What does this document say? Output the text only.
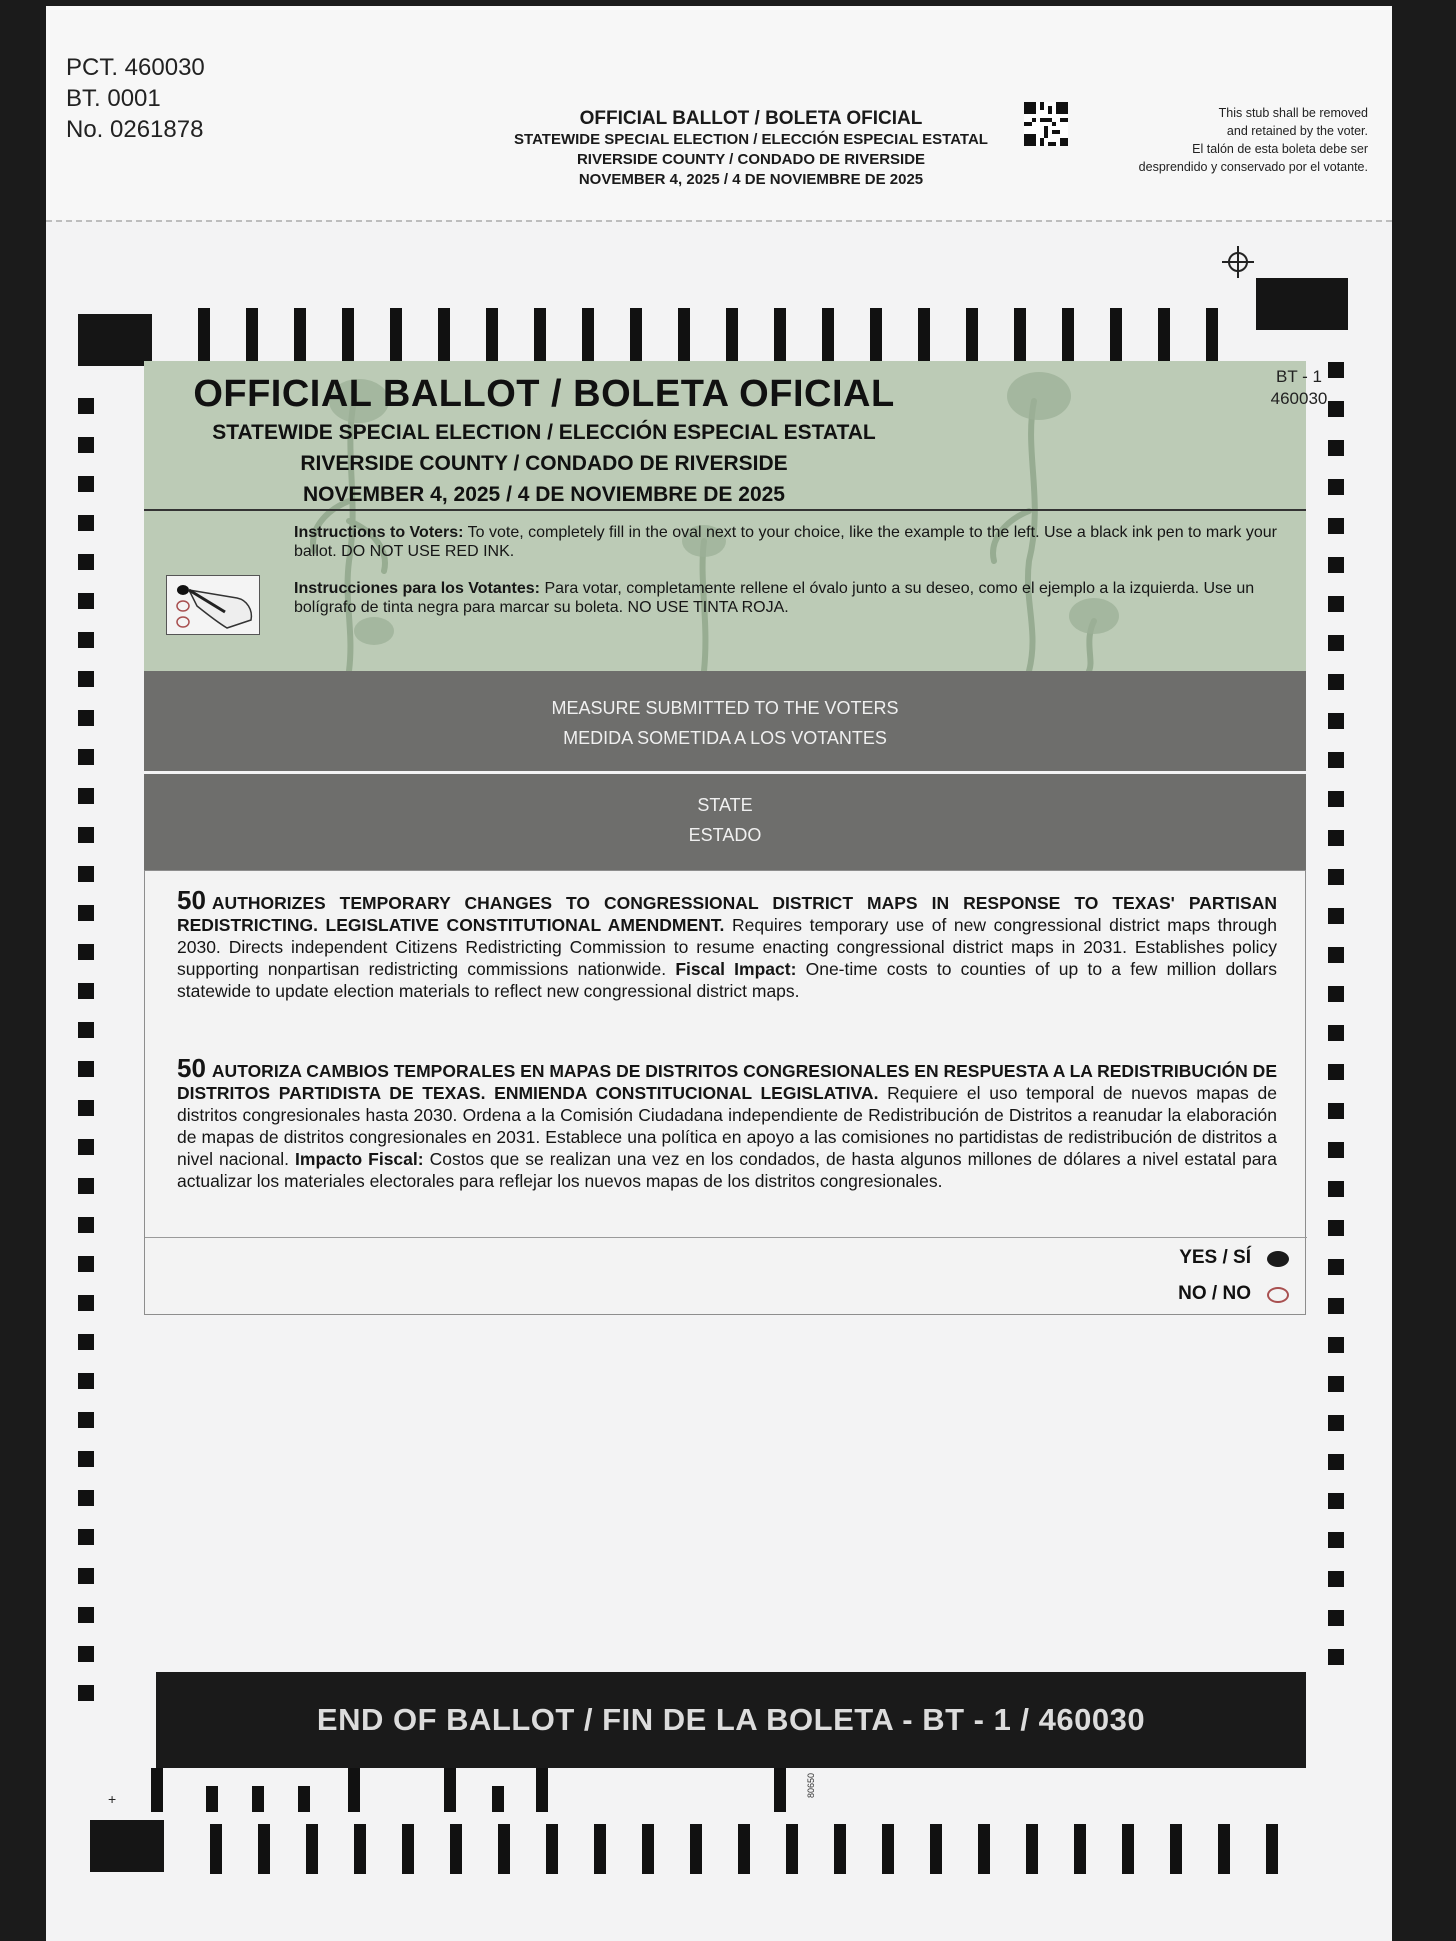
PCT. 460030
BT. 0001
No. 0261878	OFFICIAL BALLOT / BOLETA OFICIAL
STATEWIDE SPECIAL ELECTION / ELECCIÓN ESPECIAL ESTATAL
RIVERSIDE COUNTY / CONDADO DE RIVERSIDE
NOVEMBER 4, 2025 / 4 DE NOVIEMBRE DE 2025
This stub shall be removed
and retained by the voter.
El talón de esta boleta debe ser
desprendido y conservado por el votante.
OFFICIAL BALLOT / BOLETA OFICIAL
STATEWIDE SPECIAL ELECTION / ELECCIÓN ESPECIAL ESTATAL
RIVERSIDE COUNTY / CONDADO DE RIVERSIDE
NOVEMBER 4, 2025 / 4 DE NOVIEMBRE DE 2025
Instructions to Voters: To vote, completely fill in the oval next to your choice, like the example to the left. Use a black ink pen to mark your ballot. DO NOT USE RED INK.
Instrucciones para los Votantes: Para votar, completamente rellene el óvalo junto a su deseo, como el ejemplo a la izquierda. Use un bolígrafo de tinta negra para marcar su boleta. NO USE TINTA ROJA.
BT - 1
460030
MEASURE SUBMITTED TO THE VOTERS
MEDIDA SOMETIDA A LOS VOTANTES
STATE
ESTADO
50 AUTHORIZES TEMPORARY CHANGES TO CONGRESSIONAL DISTRICT MAPS IN RESPONSE TO TEXAS' PARTISAN REDISTRICTING. LEGISLATIVE CONSTITUTIONAL AMENDMENT. Requires temporary use of new congressional district maps through 2030. Directs independent Citizens Redistricting Commission to resume enacting congressional district maps in 2031. Establishes policy supporting nonpartisan redistricting commissions nationwide. Fiscal Impact: One-time costs to counties of up to a few million dollars statewide to update election materials to reflect new congressional district maps.
50 AUTORIZA CAMBIOS TEMPORALES EN MAPAS DE DISTRITOS CONGRESIONALES EN RESPUESTA A LA REDISTRIBUCIÓN DE DISTRITOS PARTIDISTA DE TEXAS. ENMIENDA CONSTITUCIONAL LEGISLATIVA. Requiere el uso temporal de nuevos mapas de distritos congresionales hasta 2030. Ordena a la Comisión Ciudadana independiente de Redistribución de Distritos a reanudar la elaboración de mapas de distritos congresionales en 2031. Establece una política en apoyo a las comisiones no partidistas de redistribución de distritos a nivel nacional. Impacto Fiscal: Costos que se realizan una vez en los condados, de hasta algunos millones de dólares a nivel estatal para actualizar los materiales electorales para reflejar los nuevos mapas de los distritos congresionales.
YES / SÍ
NO / NO
END OF BALLOT / FIN DE LA BOLETA - BT - 1 / 460030
80650
+
